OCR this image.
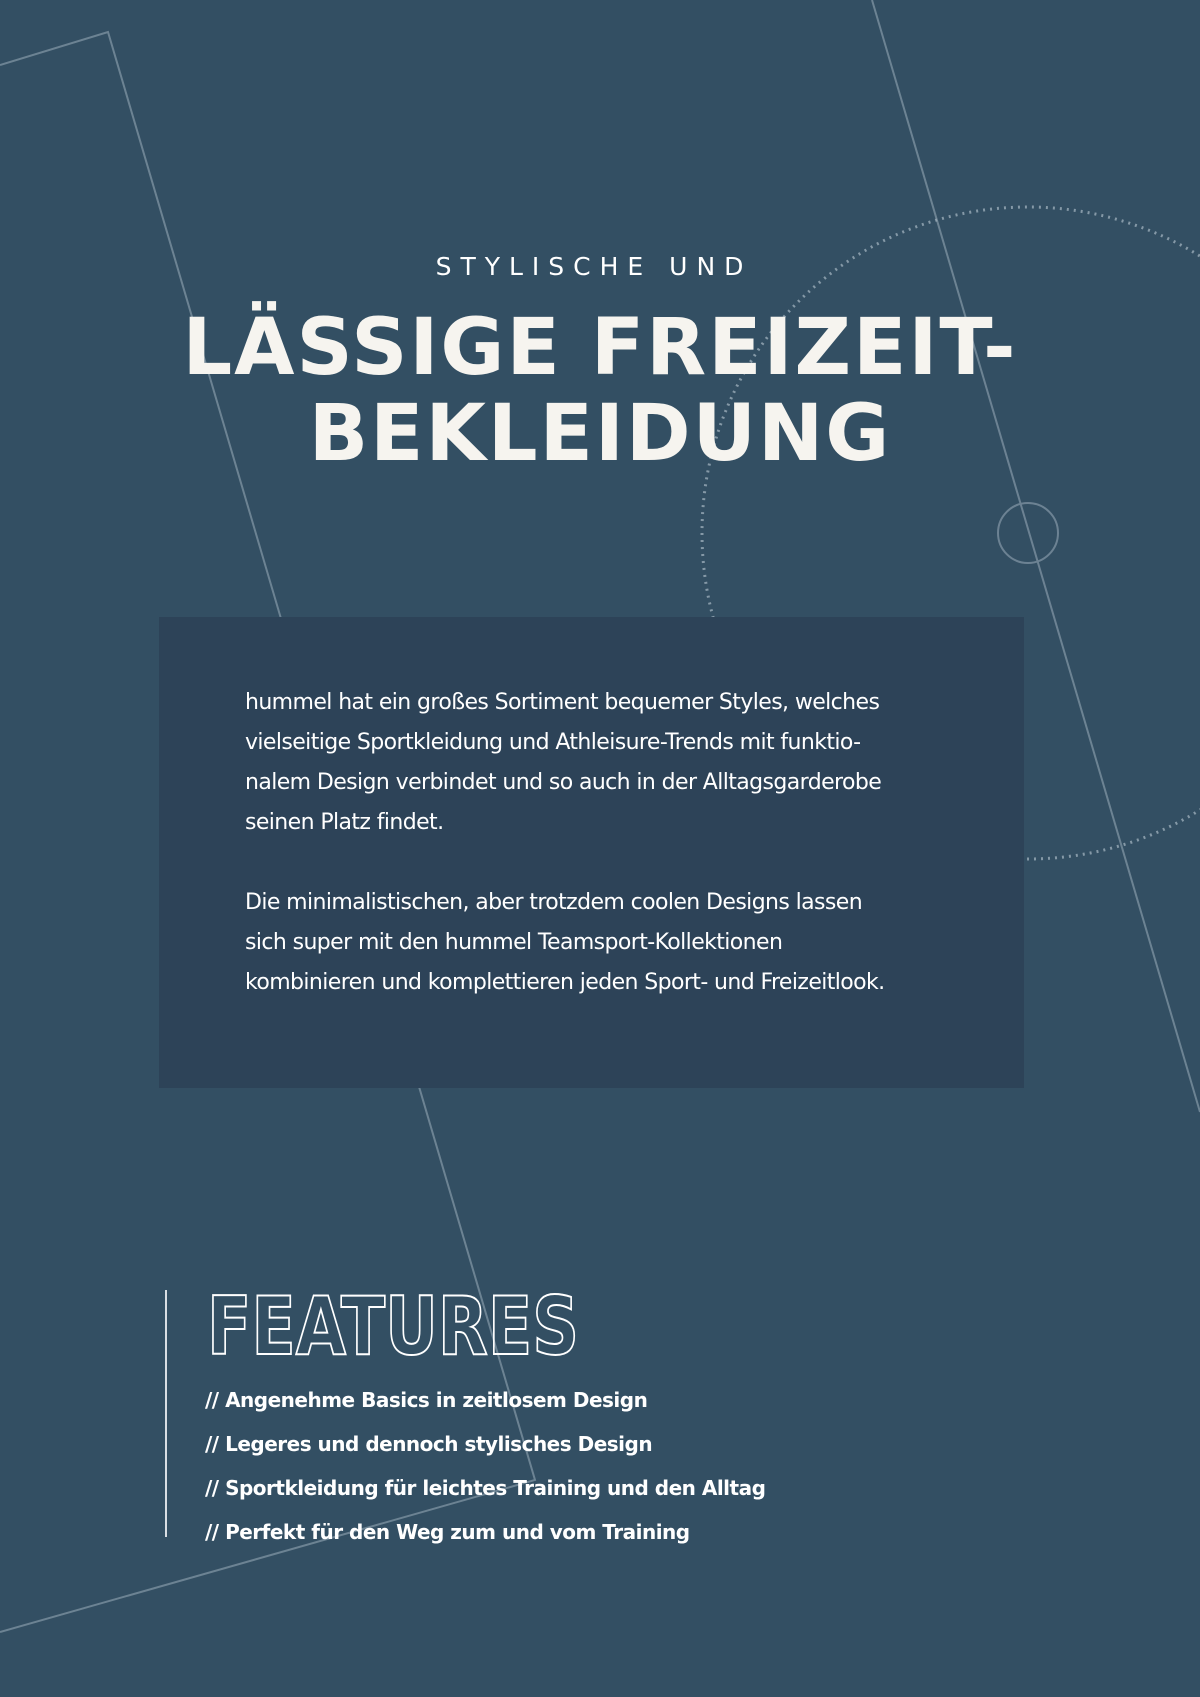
STYLISCHE UND
LÄSSIGE FREIZEIT-
BEKLEIDUNG

hummel hat ein großes Sortiment bequemer Styles, welches
vielseitige Sportkleidung und Athleisure-Trends mit funktio-
nalem Design verbindet und so auch in der Alltagsgarderobe
seinen Platz findet.

Die minimalistischen, aber trotzdem coolen Designs lassen
sich super mit den hummel Teamsport-Kollektionen
kombinieren und komplettieren jeden Sport- und Freizeitlook.

FEATURES
// Angenehme Basics in zeitlosem Design
// Legeres und dennoch stylisches Design
// Sportkleidung für leichtes Training und den Alltag
// Perfekt für den Weg zum und vom Training
